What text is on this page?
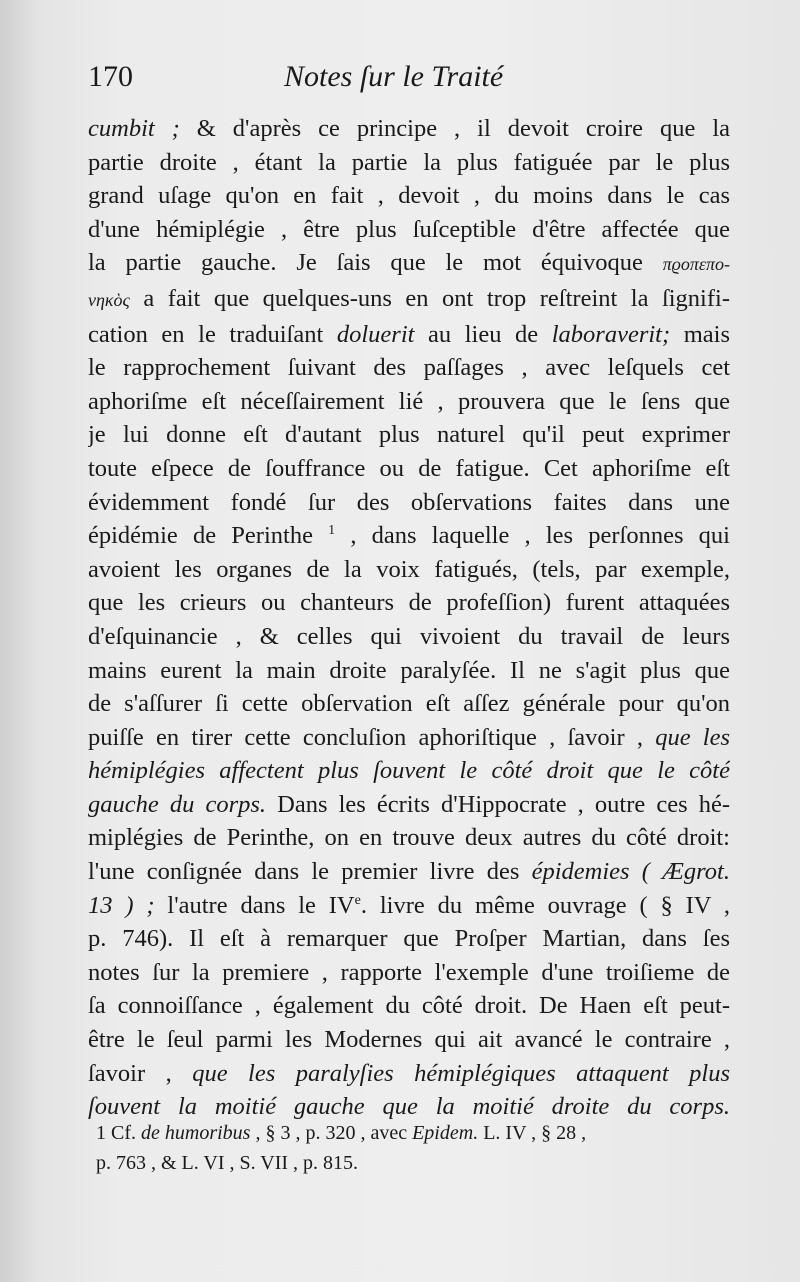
170	Notes ſur le Traité
cumbit ; & d'après ce principe , il devoit croire que la
partie droite , étant la partie la plus fatiguée par le plus
grand uſage qu'on en fait , devoit , du moins dans le cas
d'une hémiplégie , être plus ſuſceptible d'être affectée que
la partie gauche. Je ſais que le mot équivoque πϱοπεπο-
νηκὸς a fait que quelques-uns en ont trop reſtreint la ſignifi-
cation en le traduiſant doluerit au lieu de laboraverit; mais
le rapprochement ſuivant des paſſages , avec leſquels cet
aphoriſme eſt néceſſairement lié , prouvera que le ſens que
je lui donne eſt d'autant plus naturel qu'il peut exprimer
toute eſpece de ſouffrance ou de fatigue. Cet aphoriſme eſt
évidemment fondé ſur des obſervations faites dans une
épidémie de Perinthe $^1$ , dans laquelle , les perſonnes qui
avoient les organes de la voix fatigués, (tels, par exemple,
que les crieurs ou chanteurs de profeſſion) furent attaquées
d'eſquinancie , & celles qui vivoient du travail de leurs
mains eurent la main droite paralyſée. Il ne s'agit plus que
de s'aſſurer ſi cette obſervation eſt aſſez générale pour qu'on
puiſſe en tirer cette concluſion aphoriſtique , ſavoir , que les
hémiplégies affectent plus ſouvent le côté droit que le côté
gauche du corps. Dans les écrits d'Hippocrate , outre ces hé-
miplégies de Perinthe, on en trouve deux autres du côté droit:
l'une conſignée dans le premier livre des épidemies ( Ægrot.
13 ) ; l'autre dans le IVe. livre du même ouvrage ( § IV ,
p. 746). Il eſt à remarquer que Proſper Martian, dans ſes
notes ſur la premiere , rapporte l'exemple d'une troiſieme de
ſa connoiſſance , également du côté droit. De Haen eſt peut-
être le ſeul parmi les Modernes qui ait avancé le contraire ,
ſavoir , que les paralyſies hémiplégiques attaquent plus
ſouvent la moitié gauche que la moitié droite du corps.
1 Cf. de humoribus , § 3 , p. 320 , avec Epidem. L. IV , § 28 ,
p. 763 , & L. VI , S. VII , p. 815.
